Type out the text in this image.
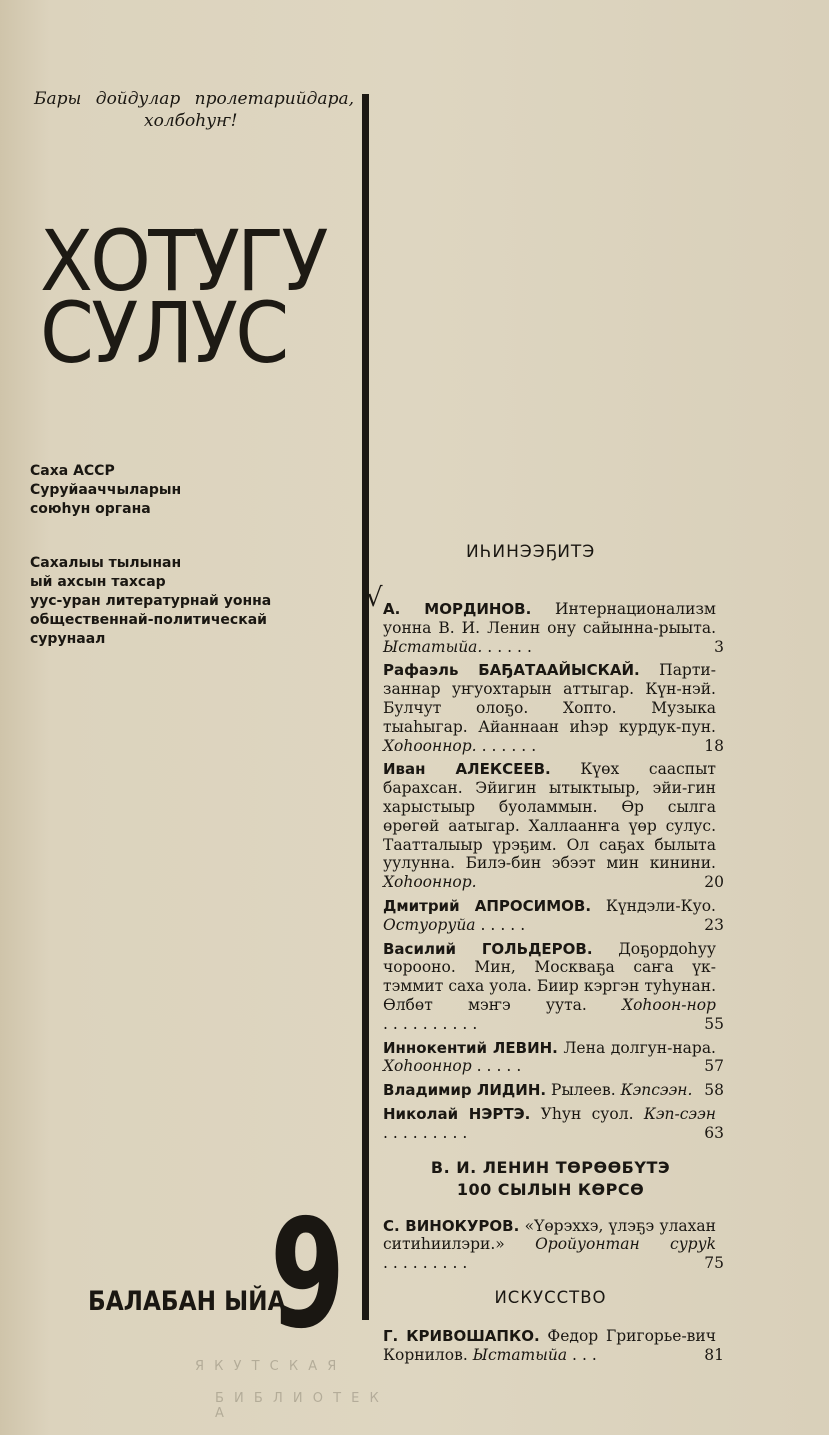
Бары дойдулар пролетарийдара,
холбоһуҥ!
ХОТУГУ
СУЛУС
Саха АССР
Суруйааччыларын
союһун органа
Сахалыы тылынан
ый ахсын тахсар
уус-уран литературнай уонна
общественнай-политическай
сурунаал
БАЛАБАН ЫЙА
9
ИҺИНЭЭҔИТЭ
√ А. МОРДИНОВ. Интернационализм уонна В. И. Ленин ону сайынна-рыыта. Ыстатыйа. .....	3
Рафаэль БАҔАТААЙЫСКАЙ. Парти-заннар уҥуохтарын аттыгар. Күн-нэй. Булчут олоҕо. Хопто. Музыка тыаһыгар. Айаннаан иһэр курдук-пун. Хоһооннор. ......	18
Иван АЛЕКСЕЕВ. Күөх сааспыт барахсан. Эйигин ытыктыыр, эйи-гин харыстыыр буоламмын. Өр сылга өрөгөй аатыгар. Халлаанҥа үөр сулус. Таатталыыр үрэҕим. Ол саҕах былыта уулунна. Билэ-бин эбээт мин кинини. Хоһооннор.	20
Дмитрий АПРОСИМОВ. Күндэли-Куо. Остуоруйа .....	23
Василий ГОЛЬДЕРОВ. Доҕордоһуу чорооно. Мин, Москваҕа саҥа үк-тэммит саха уола. Биир кэргэн туһунан. Өлбөт мэҥэ уута. Хоһоон-нор ..........	55
Иннокентий ЛЕВИН. Лена долгун-нара. Хоһооннор .....	57
Владимир ЛИДИН. Рылеев. Кэпсээн. 58
Николай НЭРТЭ. Уһун суол. Кэп-сээн .........	63
В. И. ЛЕНИН ТӨРӨӨБҮТЭ
100 СЫЛЫН КӨРСӨ
С. ВИНОКУРОВ. «Үөрэххэ, үлэҕэ улахан ситиһиилэри.» Оройуонтан суруk .........	75
ИСКУССТВО
Г. КРИВОШАПКО. Федор Григорье-вич Корнилов. Ыстатыйа ...	81
Я К У Т С К А Я
Б И Б Л И О Т Е К А
